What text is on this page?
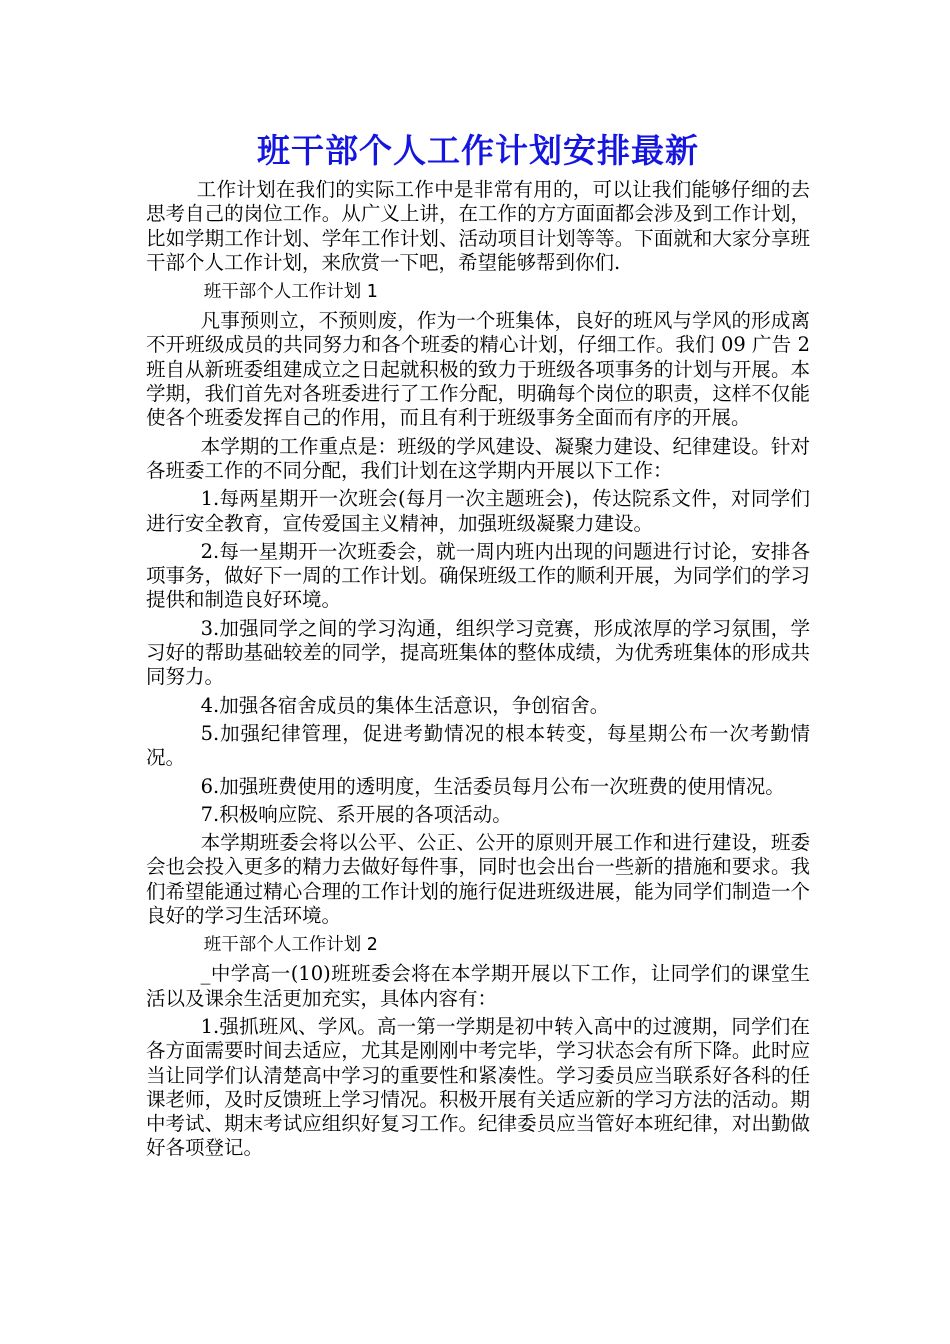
班干部个人工作计划安排最新

工作计划在我们的实际工作中是非常有用的，可以让我们能够仔细的去思考自己的岗位工作。从广义上讲，在工作的方方面面都会涉及到工作计划，比如学期工作计划、学年工作计划、活动项目计划等等。下面就和大家分享班干部个人工作计划，来欣赏一下吧，希望能够帮到你们.

班干部个人工作计划 1

凡事预则立，不预则废，作为一个班集体，良好的班风与学风的形成离不开班级成员的共同努力和各个班委的精心计划，仔细工作。我们 09 广告 2 班自从新班委组建成立之日起就积极的致力于班级各项事务的计划与开展。本学期，我们首先对各班委进行了工作分配，明确每个岗位的职责，这样不仅能使各个班委发挥自己的作用，而且有利于班级事务全面而有序的开展。

本学期的工作重点是：班级的学风建设、凝聚力建设、纪律建设。针对各班委工作的不同分配，我们计划在这学期内开展以下工作：

1.每两星期开一次班会(每月一次主题班会)，传达院系文件，对同学们进行安全教育，宣传爱国主义精神，加强班级凝聚力建设。

2.每一星期开一次班委会，就一周内班内出现的问题进行讨论，安排各项事务，做好下一周的工作计划。确保班级工作的顺利开展，为同学们的学习提供和制造良好环境。

3.加强同学之间的学习沟通，组织学习竞赛，形成浓厚的学习氛围，学习好的帮助基础较差的同学，提高班集体的整体成绩，为优秀班集体的形成共同努力。

4.加强各宿舍成员的集体生活意识，争创宿舍。

5.加强纪律管理，促进考勤情况的根本转变，每星期公布一次考勤情况。

6.加强班费使用的透明度，生活委员每月公布一次班费的使用情况。

7.积极响应院、系开展的各项活动。

本学期班委会将以公平、公正、公开的原则开展工作和进行建设，班委会也会投入更多的精力去做好每件事，同时也会出台一些新的措施和要求。我们希望能通过精心合理的工作计划的施行促进班级进展，能为同学们制造一个良好的学习生活环境。

班干部个人工作计划 2

_中学高一(10)班班委会将在本学期开展以下工作，让同学们的课堂生活以及课余生活更加充实，具体内容有：

1.强抓班风、学风。高一第一学期是初中转入高中的过渡期，同学们在各方面需要时间去适应，尤其是刚刚中考完毕，学习状态会有所下降。此时应当让同学们认清楚高中学习的重要性和紧凑性。学习委员应当联系好各科的任课老师，及时反馈班上学习情况。积极开展有关适应新的学习方法的活动。期中考试、期末考试应组织好复习工作。纪律委员应当管好本班纪律，对出勤做好各项登记。
